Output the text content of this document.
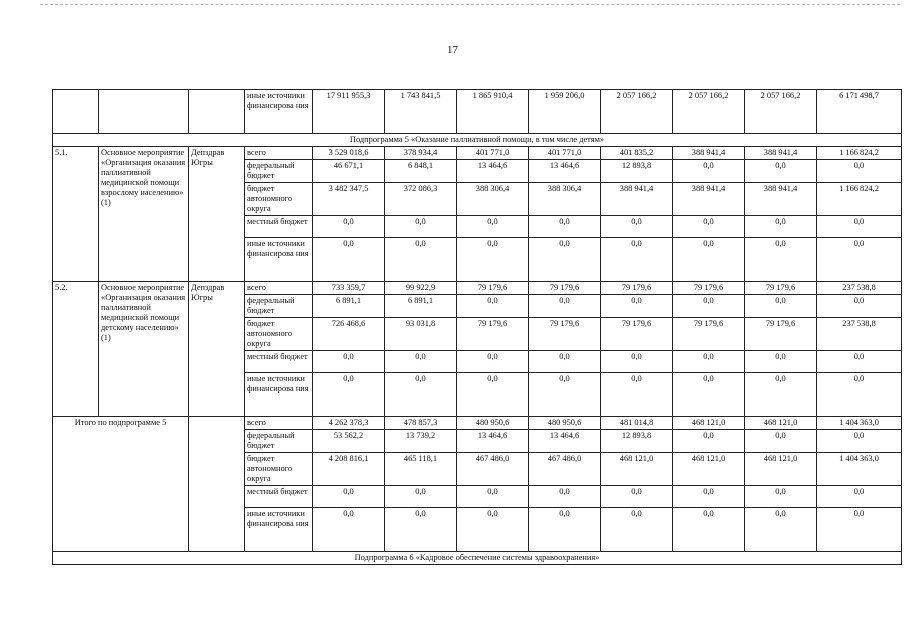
17
			иные источники финансирова ния	17 911 955,3	1 743 841,5	1 865 910,4	1 959 206,0	2 057 166,2	2 057 166,2	2 057 166,2	6 171 498,7
Подпрограмма 5 «Оказание паллиативной помощи, в том числе детям»											
5.1.	Основное мероприятие «Организация оказания паллиативной медицинской помощи взрослому населению» (1)	Депздрав Югры	всего	3 529 018,6	378 934,4	401 771,0	401 771,0	401 835,2	388 941,4	388 941,4	1 166 824,2
			федеральный бюджет	46 671,1	6 848,1	13 464,6	13 464,6	12 893,8	0,0	0,0	0,0
			бюджет автономного округа	3 482 347,5	372 086,3	388 306,4	388 306,4	388 941,4	388 941,4	388 941,4	1 166 824,2
			местный бюджет	0,0	0,0	0,0	0,0	0,0	0,0	0,0	0,0
			иные источники финансирова ния	0,0	0,0	0,0	0,0	0,0	0,0	0,0	0,0
5.2.	Основное мероприятие «Организация оказания паллиативной медицинской помощи детскому населению» (1)	Депздрав Югры	всего	733 359,7	99 922,9	79 179,6	79 179,6	79 179,6	79 179,6	79 179,6	237 538,8
			федеральный бюджет	6 891,1	6 891,1	0,0	0,0	0,0	0,0	0,0	0,0
			бюджет автономного округа	726 468,6	93 031,8	79 179,6	79 179,6	79 179,6	79 179,6	79 179,6	237 538,8
			местный бюджет	0,0	0,0	0,0	0,0	0,0	0,0	0,0	0,0
			иные источники финансирова ния	0,0	0,0	0,0	0,0	0,0	0,0	0,0	0,0
Итого по подпрограмме 5			всего	4 262 378,3	478 857,3	480 950,6	480 950,6	481 014,8	468 121,0	468 121,0	1 404 363,0
			федеральный бюджет	53 562,2	13 739,2	13 464,6	13 464,6	12 893,8	0,0	0,0	0,0
			бюджет автономного округа	4 208 816,1	465 118,1	467 486,0	467 486,0	468 121,0	468 121,0	468 121,0	1 404 363,0
			местный бюджет	0,0	0,0	0,0	0,0	0,0	0,0	0,0	0,0
			иные источники финансирова ния	0,0	0,0	0,0	0,0	0,0	0,0	0,0	0,0
Подпрограмма 6 «Кадровое обеспечение системы здравоохранения»											
